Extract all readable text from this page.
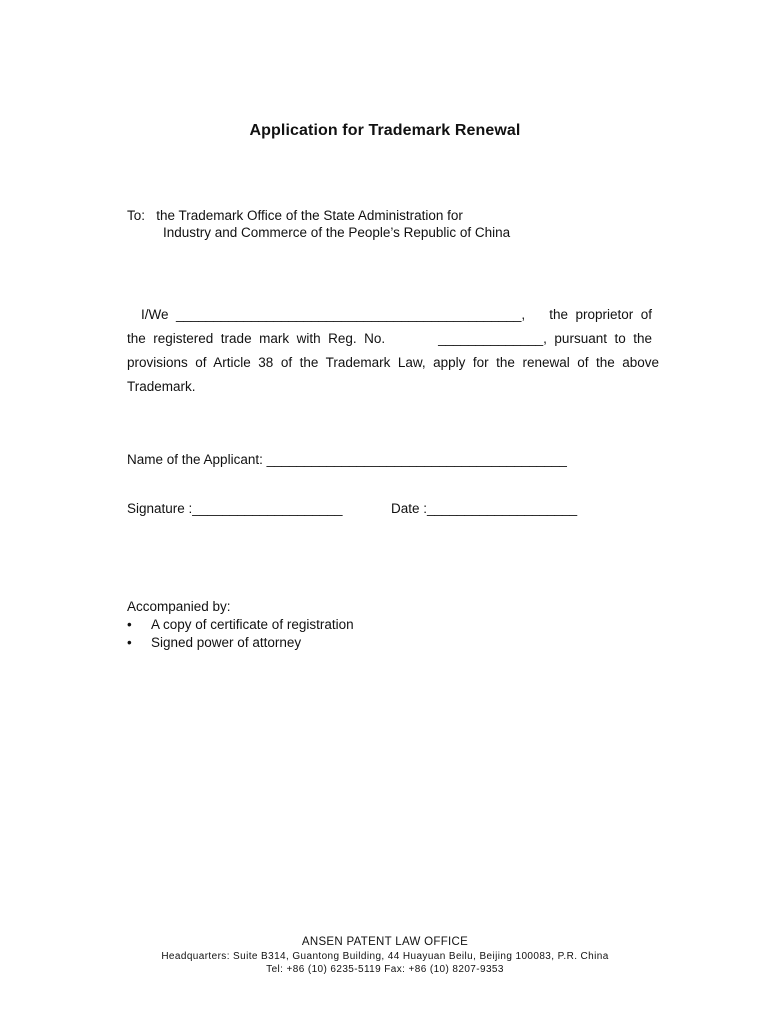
Application for Trademark Renewal
To:   the Trademark Office of the State Administration for
Industry and Commerce of the People’s Republic of China
I/We  ______________________________________________, the  proprietor  of
the  registered  trade  mark  with  Reg.  No.	______________,  pursuant  to  the
provisions  of  Article  38  of  the  Trademark  Law,  apply  for  the  renewal  of  the  above
Trademark.
Name of the Applicant: ________________________________________
Signature :____________________	Date :____________________
Accompanied by:
•	A copy of certificate of registration
•	Signed power of attorney
ANSEN PATENT LAW OFFICE
Headquarters: Suite B314, Guantong Building, 44 Huayuan Beilu, Beijing 100083, P.R. China
Tel: +86 (10) 6235-5119 Fax: +86 (10) 8207-9353
